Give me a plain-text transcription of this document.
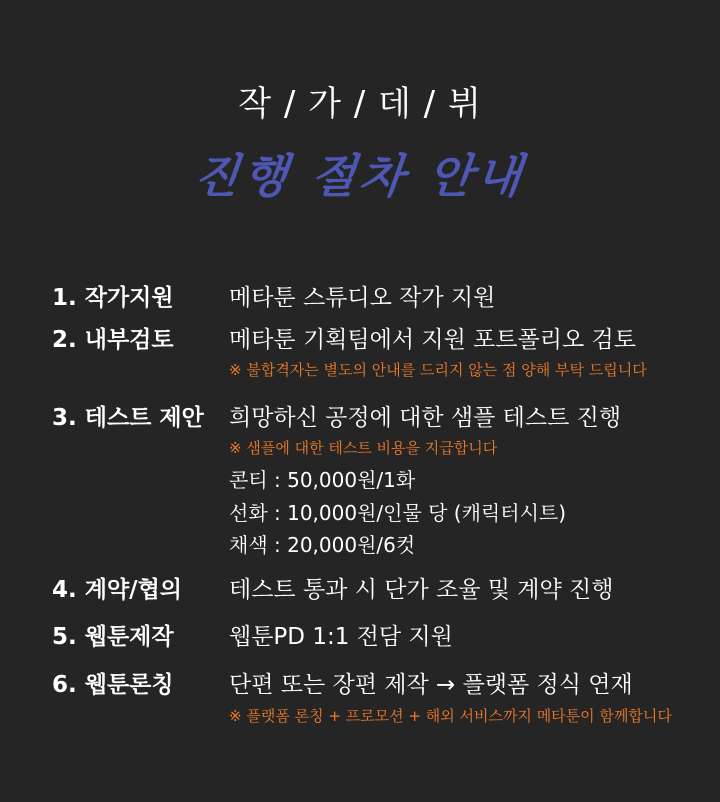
작 / 가 / 데 / 뷔
진행 절차 안내
1. 작가지원 메타툰 스튜디오 작가 지원
2. 내부검토 메타툰 기획팀에서 지원 포트폴리오 검토
※ 불합격자는 별도의 안내를 드리지 않는 점 양해 부탁 드립니다
3. 테스트 제안 희망하신 공정에 대한 샘플 테스트 진행
※ 샘플에 대한 테스트 비용을 지급합니다
콘티 : 50,000원/1화
선화 : 10,000원/인물 당 (캐릭터시트)
채색 : 20,000원/6컷
4. 계약/협의 테스트 통과 시 단가 조율 및 계약 진행
5. 웹툰제작 웹툰PD 1:1 전담 지원
6. 웹툰론칭 단편 또는 장편 제작 → 플랫폼 정식 연재
※ 플랫폼 론칭 + 프로모션 + 해외 서비스까지 메타툰이 함께합니다
